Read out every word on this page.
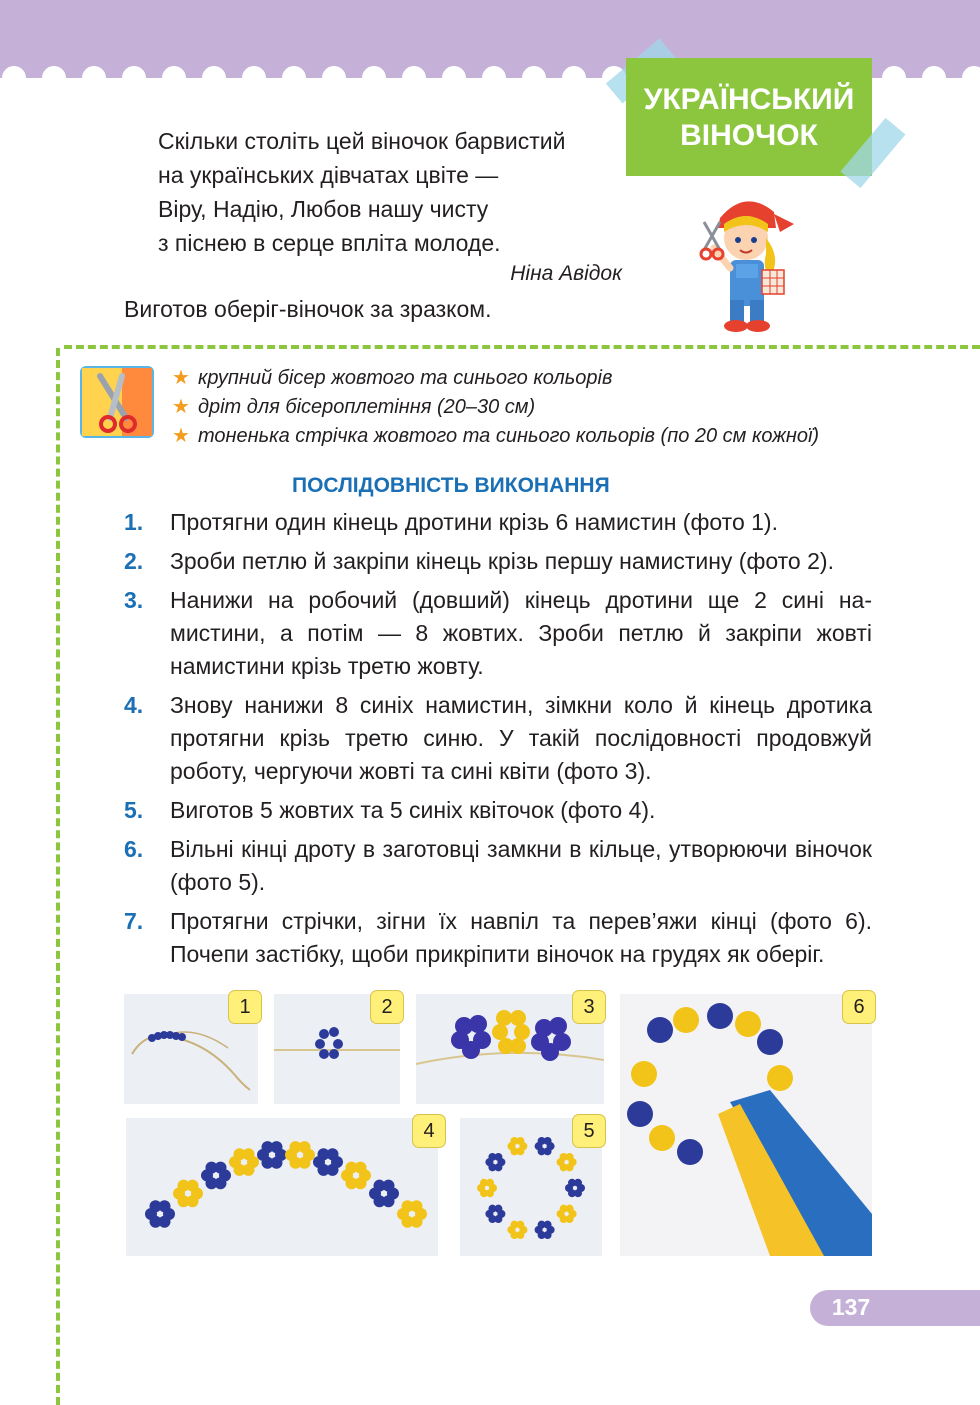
УКРАЇНСЬКИЙ
ВІНОЧОК
Скільки століть цей віночок барвистий
на українських дівчатах цвіте —
Віру, Надію, Любов нашу чисту
з піснею в серце вплітa молоде.
Ніна Авідок
Виготов оберіг-віночок за зразком.
★ крупний бісер жовтого та синього кольорів
★ дріт для бісероплетіння (20–30 см)
★ тоненька стрічка жовтого та синього кольорів (по 20 см кожної)
ПОСЛІДОВНІСТЬ ВИКОНАННЯ
1.	Протягни один кінець дротини крізь 6 намистин (фото 1).
2.	Зроби петлю й закріпи кінець крізь першу намистину (фото 2).
3.	Нанижи на робочий (довший) кінець дротини ще 2 сині намистини, а потім — 8 жовтих. Зроби петлю й закріпи жовті намистини крізь третю жовту.
4.	Знову нанижи 8 синіх намистин, зімкни коло й кінець дротика протягни крізь третю синю. У такій послідовності продовжуй роботу, чергуючи жовті та сині квіти (фото 3).
5.	Виготов 5 жовтих та 5 синіх квіточок (фото 4).
6.	Вільні кінці дроту в заготовці замкни в кільце, утворюючи віночок (фото 5).
7.	Протягни стрічки, зігни їх навпіл та перев’яжи кінці (фото 6). Почепи застібку, щоби прикріпити віночок на грудях як оберіг.
1	2	3	6
4	5
137
